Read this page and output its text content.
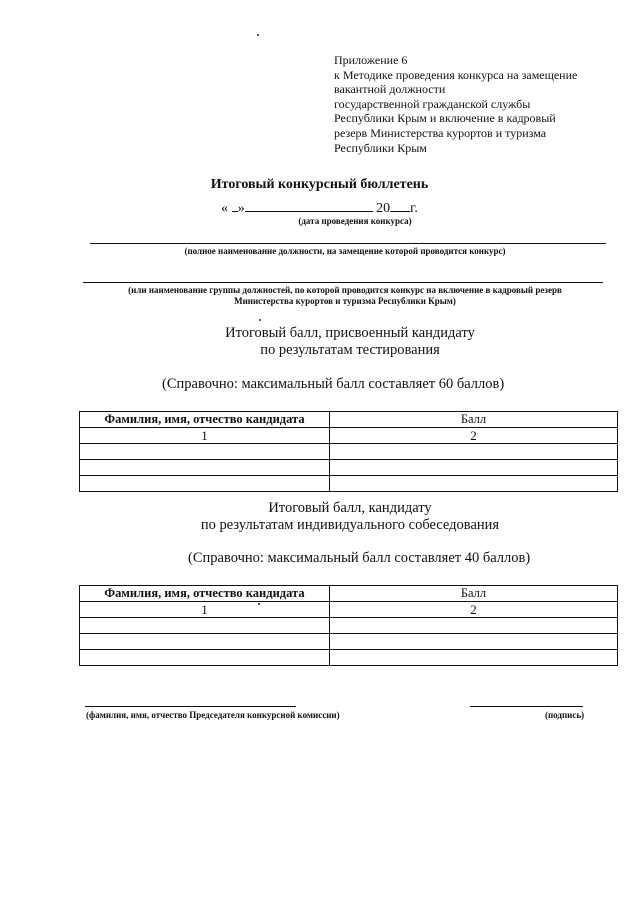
Приложение 6
к Методике проведения конкурса на замещение
вакантной должности
государственной гражданской службы
Республики Крым и включение в кадровый
резерв Министерства курортов и туризма
Республики Крым
Итоговый конкурсный бюллетень
« »	20 г.
(дата проведения конкурса)
(полное наименование должности, на замещение которой проводится конкурс)
(или наименование группы должностей, по которой проводится конкурс на включение в кадровый резерв
Министерства курортов и туризма Республики Крым)
Итоговый балл, присвоенный кандидату
по результатам тестирования
(Справочно: максимальный балл составляет 60 баллов)
Фамилия, имя, отчество кандидата	Балл
1	2

Итоговый балл, кандидату
по результатам индивидуального собеседования
(Справочно: максимальный балл составляет 40 баллов)
Фамилия, имя, отчество кандидата	Балл
1	2

(фамилия, имя, отчество Председателя конкурсной комиссии)	(подпись)
